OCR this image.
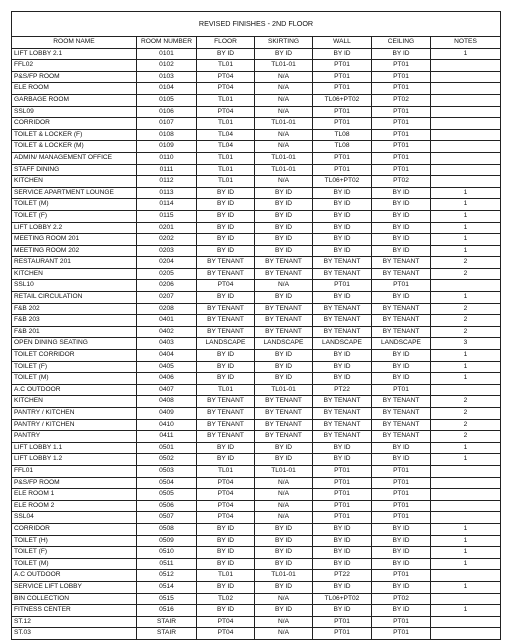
REVISED FINISHES - 2ND FLOOR						
ROOM NAME	ROOM NUMBER	FLOOR	SKIRTING	WALL	CEILING	NOTES
LIFT LOBBY 2.1	0101	BY ID	BY ID	BY ID	BY ID	1
FFL02	0102	TL01	TL01-01	PT01	PT01	
P&S/FP ROOM	0103	PT04	N/A	PT01	PT01	
ELE ROOM	0104	PT04	N/A	PT01	PT01	
GARBAGE ROOM	0105	TL01	N/A	TL06+PT02	PT02	
SSL09	0106	PT04	N/A	PT01	PT01	
CORRIDOR	0107	TL01	TL01-01	PT01	PT01	
TOILET & LOCKER (F)	0108	TL04	N/A	TL08	PT01	
TOILET & LOCKER (M)	0109	TL04	N/A	TL08	PT01	
ADMIN/ MANAGEMENT OFFICE	0110	TL01	TL01-01	PT01	PT01	
STAFF DINING	0111	TL01	TL01-01	PT01	PT01	
KITCHEN	0112	TL01	N/A	TL06+PT02	PT02	
SERVICE APARTMENT LOUNGE	0113	BY ID	BY ID	BY ID	BY ID	1
TOILET (M)	0114	BY ID	BY ID	BY ID	BY ID	1
TOILET (F)	0115	BY ID	BY ID	BY ID	BY ID	1
LIFT LOBBY 2.2	0201	BY ID	BY ID	BY ID	BY ID	1
MEETING ROOM 201	0202	BY ID	BY ID	BY ID	BY ID	1
MEETING ROOM 202	0203	BY ID	BY ID	BY ID	BY ID	1
RESTAURANT 201	0204	BY TENANT	BY TENANT	BY TENANT	BY TENANT	2
KITCHEN	0205	BY TENANT	BY TENANT	BY TENANT	BY TENANT	2
SSL10	0206	PT04	N/A	PT01	PT01	
RETAIL CIRCULATION	0207	BY ID	BY ID	BY ID	BY ID	1
F&B 202	0208	BY TENANT	BY TENANT	BY TENANT	BY TENANT	2
F&B 203	0401	BY TENANT	BY TENANT	BY TENANT	BY TENANT	2
F&B 201	0402	BY TENANT	BY TENANT	BY TENANT	BY TENANT	2
OPEN DINING SEATING	0403	LANDSCAPE	LANDSCAPE	LANDSCAPE	LANDSCAPE	3
TOILET CORRIDOR	0404	BY ID	BY ID	BY ID	BY ID	1
TOILET (F)	0405	BY ID	BY ID	BY ID	BY ID	1
TOILET (M)	0406	BY ID	BY ID	BY ID	BY ID	1
A.C OUTDOOR	0407	TL01	TL01-01	PT22	PT01	
KITCHEN	0408	BY TENANT	BY TENANT	BY TENANT	BY TENANT	2
PANTRY / KITCHEN	0409	BY TENANT	BY TENANT	BY TENANT	BY TENANT	2
PANTRY / KITCHEN	0410	BY TENANT	BY TENANT	BY TENANT	BY TENANT	2
PANTRY	0411	BY TENANT	BY TENANT	BY TENANT	BY TENANT	2
LIFT LOBBY 1.1	0501	BY ID	BY ID	BY ID	BY ID	1
LIFT LOBBY 1.2	0502	BY ID	BY ID	BY ID	BY ID	1
FFL01	0503	TL01	TL01-01	PT01	PT01	
P&S/FP ROOM	0504	PT04	N/A	PT01	PT01	
ELE ROOM 1	0505	PT04	N/A	PT01	PT01	
ELE ROOM 2	0506	PT04	N/A	PT01	PT01	
SSL04	0507	PT04	N/A	PT01	PT01	
CORRIDOR	0508	BY ID	BY ID	BY ID	BY ID	1
TOILET (H)	0509	BY ID	BY ID	BY ID	BY ID	1
TOILET (F)	0510	BY ID	BY ID	BY ID	BY ID	1
TOILET (M)	0511	BY ID	BY ID	BY ID	BY ID	1
A.C OUTDOOR	0512	TL01	TL01-01	PT22	PT01	
SERVICE LIFT LOBBY	0514	BY ID	BY ID	BY ID	BY ID	1
BIN COLLECTION	0515	TL02	N/A	TL06+PT02	PT02	
FITNESS CENTER	0516	BY ID	BY ID	BY ID	BY ID	1
ST.12	STAIR	PT04	N/A	PT01	PT01	
ST.03	STAIR	PT04	N/A	PT01	PT01	
